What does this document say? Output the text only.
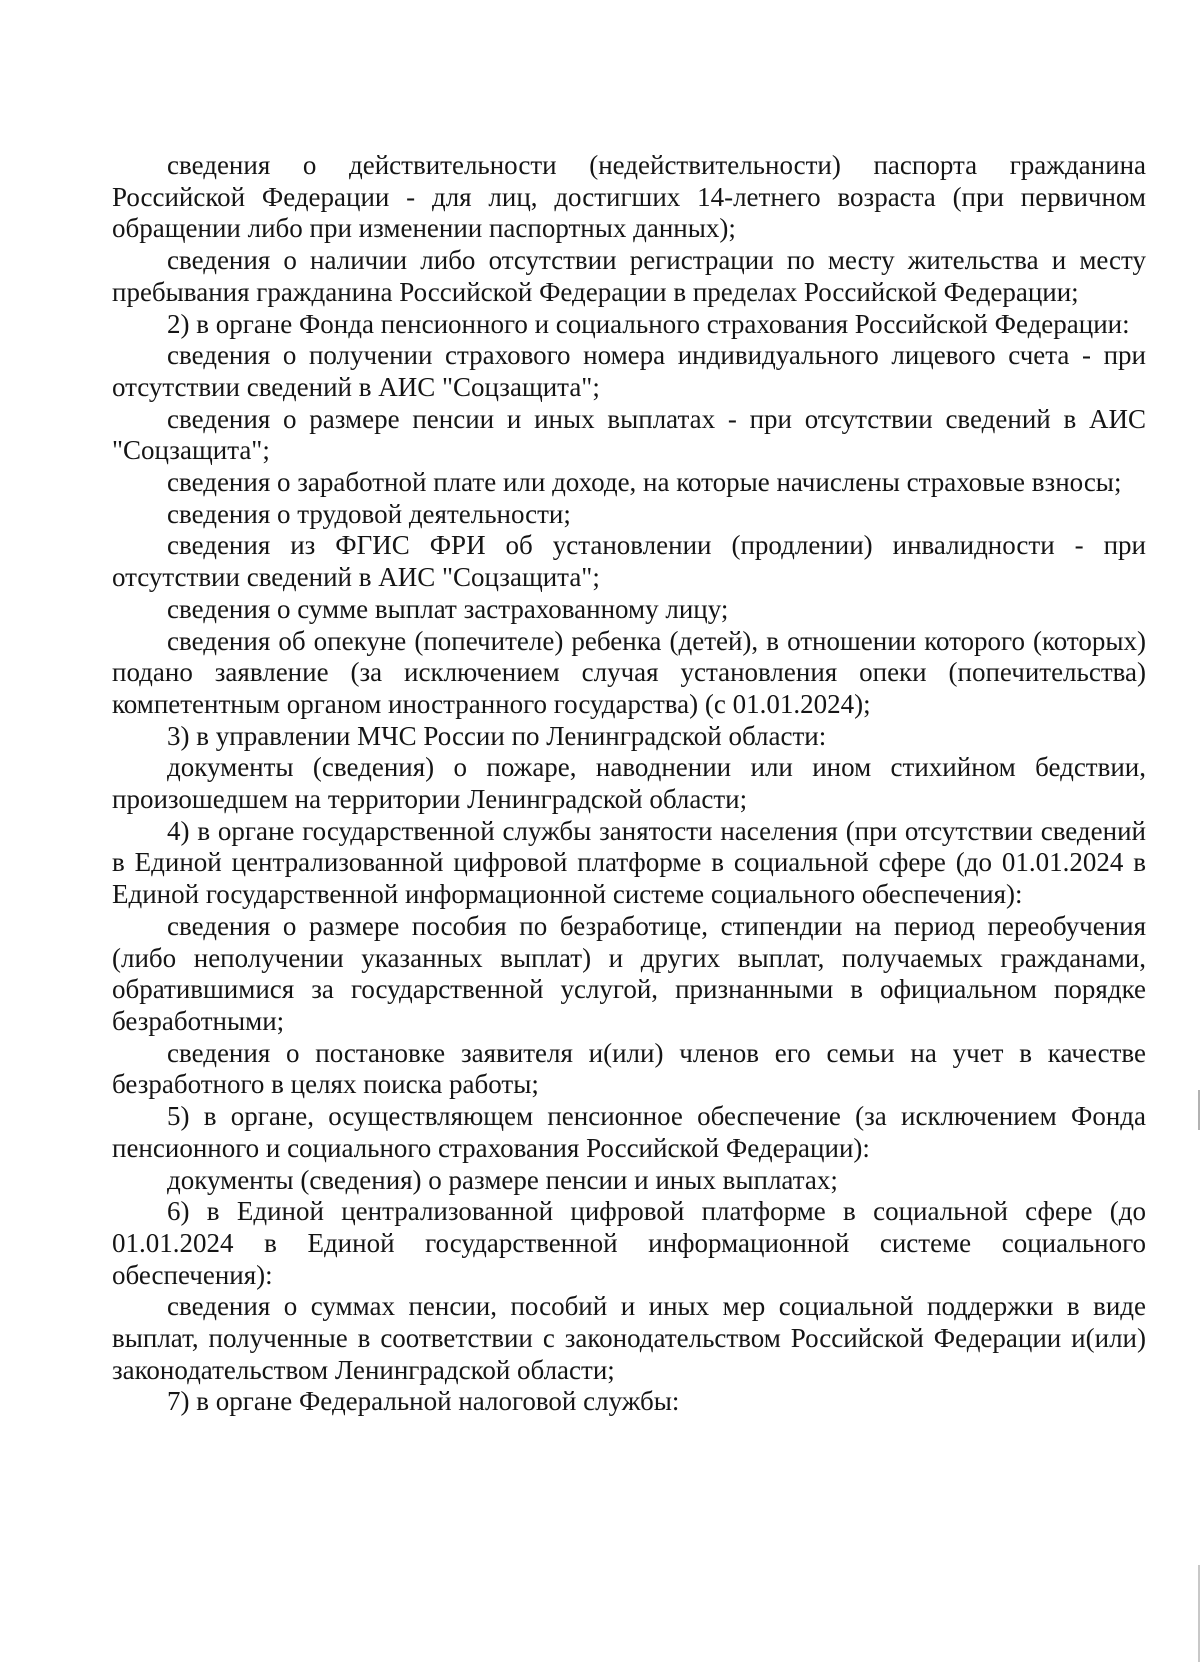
сведения о действительности (недействительности) паспорта гражданина Российской Федерации - для лиц, достигших 14-летнего возраста (при первичном обращении либо при изменении паспортных данных);

сведения о наличии либо отсутствии регистрации по месту жительства и месту пребывания гражданина Российской Федерации в пределах Российской Федерации;

2) в органе Фонда пенсионного и социального страхования Российской Федерации:

сведения о получении страхового номера индивидуального лицевого счета - при отсутствии сведений в АИС "Соцзащита";

сведения о размере пенсии и иных выплатах - при отсутствии сведений в АИС "Соцзащита";

сведения о заработной плате или доходе, на которые начислены страховые взносы;

сведения о трудовой деятельности;

сведения из ФГИС ФРИ об установлении (продлении) инвалидности - при отсутствии сведений в АИС "Соцзащита";

сведения о сумме выплат застрахованному лицу;

сведения об опекуне (попечителе) ребенка (детей), в отношении которого (которых) подано заявление (за исключением случая установления опеки (попечительства) компетентным органом иностранного государства) (с 01.01.2024);

3) в управлении МЧС России по Ленинградской области:

документы (сведения) о пожаре, наводнении или ином стихийном бедствии, произошедшем на территории Ленинградской области;

4) в органе государственной службы занятости населения (при отсутствии сведений в Единой централизованной цифровой платформе в социальной сфере (до 01.01.2024 в Единой государственной информационной системе социального обеспечения):

сведения о размере пособия по безработице, стипендии на период переобучения (либо неполучении указанных выплат) и других выплат, получаемых гражданами, обратившимися за государственной услугой, признанными в официальном порядке безработными;

сведения о постановке заявителя и(или) членов его семьи на учет в качестве безработного в целях поиска работы;

5) в органе, осуществляющем пенсионное обеспечение (за исключением Фонда пенсионного и социального страхования Российской Федерации):

документы (сведения) о размере пенсии и иных выплатах;

6) в Единой централизованной цифровой платформе в социальной сфере (до 01.01.2024 в Единой государственной информационной системе социального обеспечения):

сведения о суммах пенсии, пособий и иных мер социальной поддержки в виде выплат, полученные в соответствии с законодательством Российской Федерации и(или) законодательством Ленинградской области;

7) в органе Федеральной налоговой службы:
